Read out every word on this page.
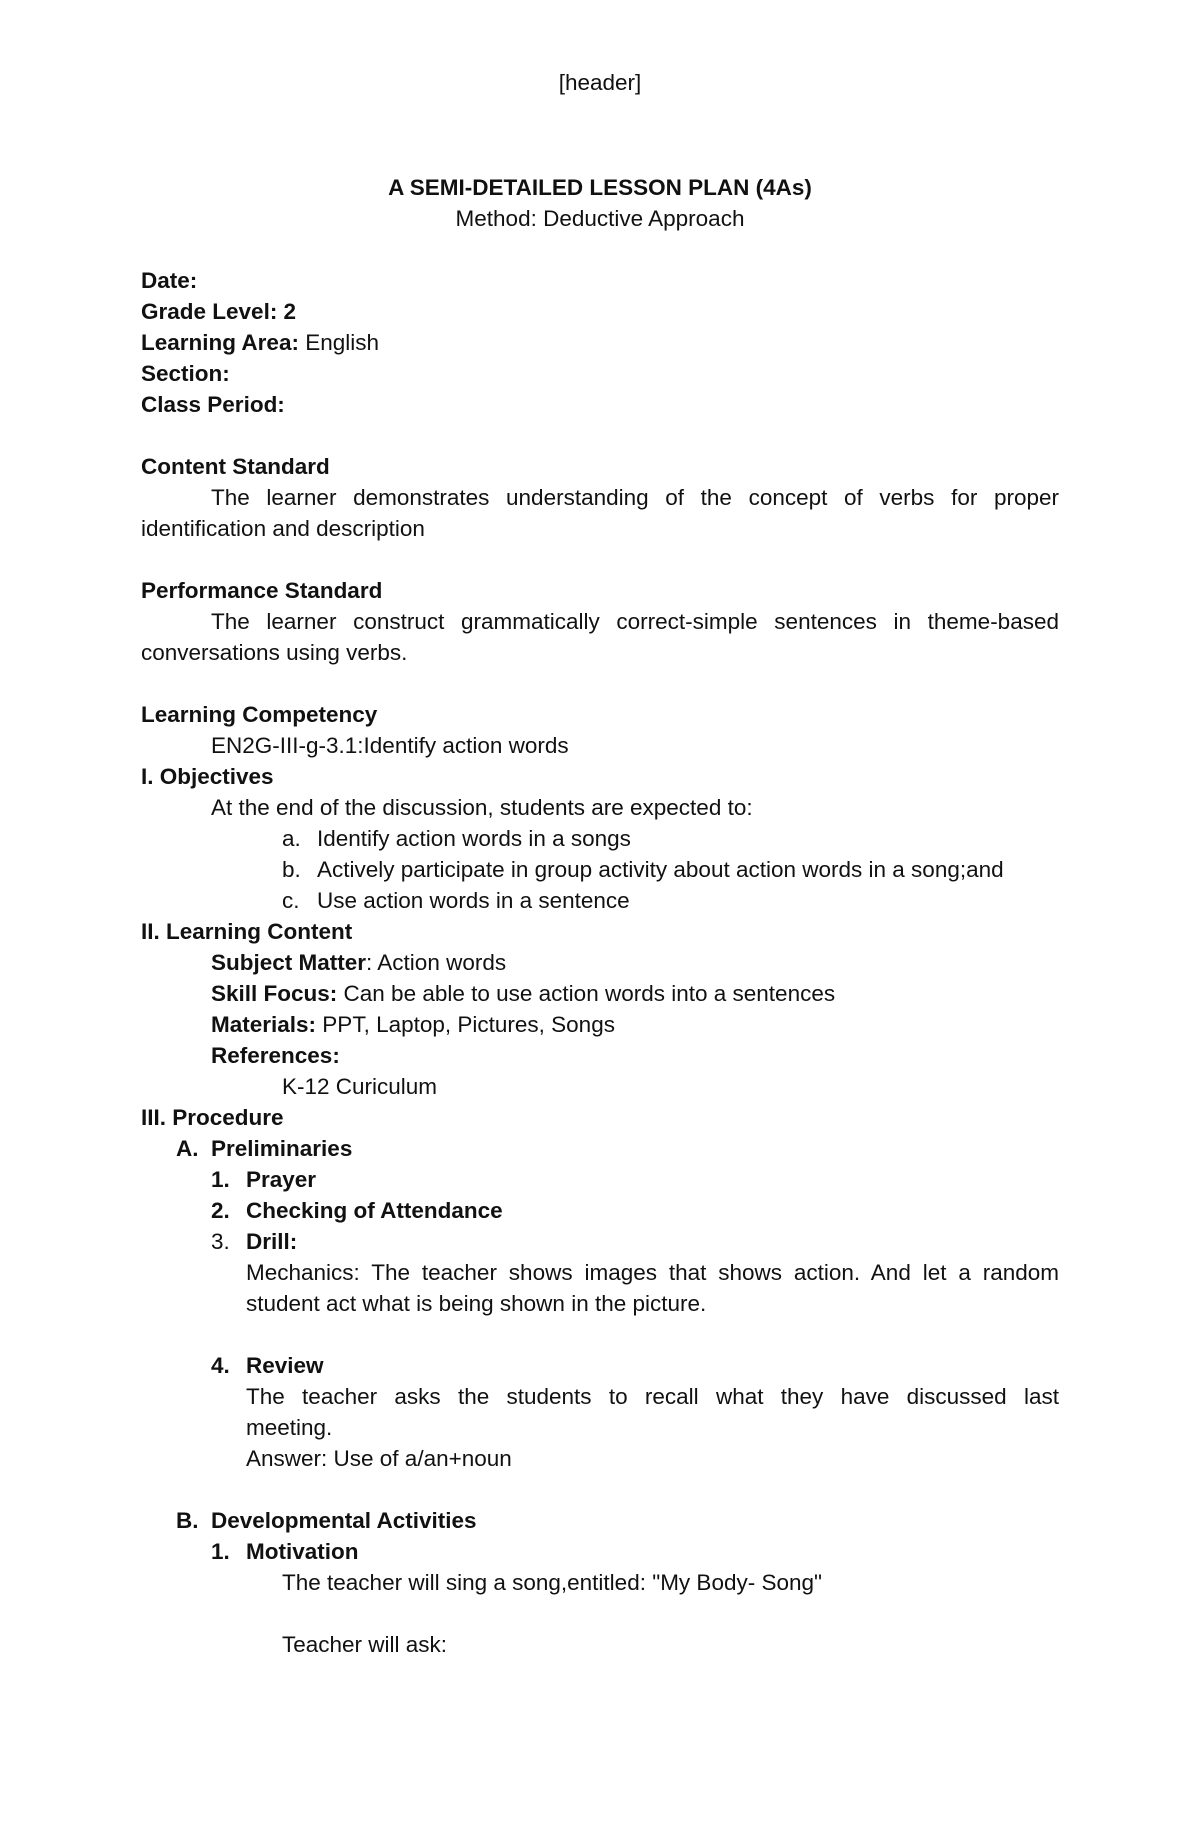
[header]
A SEMI-DETAILED LESSON PLAN (4As)
Method: Deductive Approach
Date:
Grade Level: 2
Learning Area: English
Section:
Class Period:
Content Standard
The learner demonstrates understanding of the concept of verbs for proper
identification and description
Performance Standard
The learner construct grammatically correct-simple sentences in theme-based
conversations using verbs.
Learning Competency
EN2G-III-g-3.1:Identify action words
I. Objectives
At the end of the discussion, students are expected to:
a. Identify action words in a songs
b. Actively participate in group activity about action words in a song;and
c. Use action words in a sentence
II. Learning Content
Subject Matter: Action words
Skill Focus: Can be able to use action words into a sentences
Materials: PPT, Laptop, Pictures, Songs
References:
K-12 Curiculum
III. Procedure
A. Preliminaries
1. Prayer
2. Checking of Attendance
3. Drill:
Mechanics: The teacher shows images that shows action. And let a random
student act what is being shown in the picture.
4. Review
The teacher asks the students to recall what they have discussed last
meeting.
Answer: Use of a/an+noun
B. Developmental Activities
1. Motivation
The teacher will sing a song,entitled: "My Body- Song"
Teacher will ask:
